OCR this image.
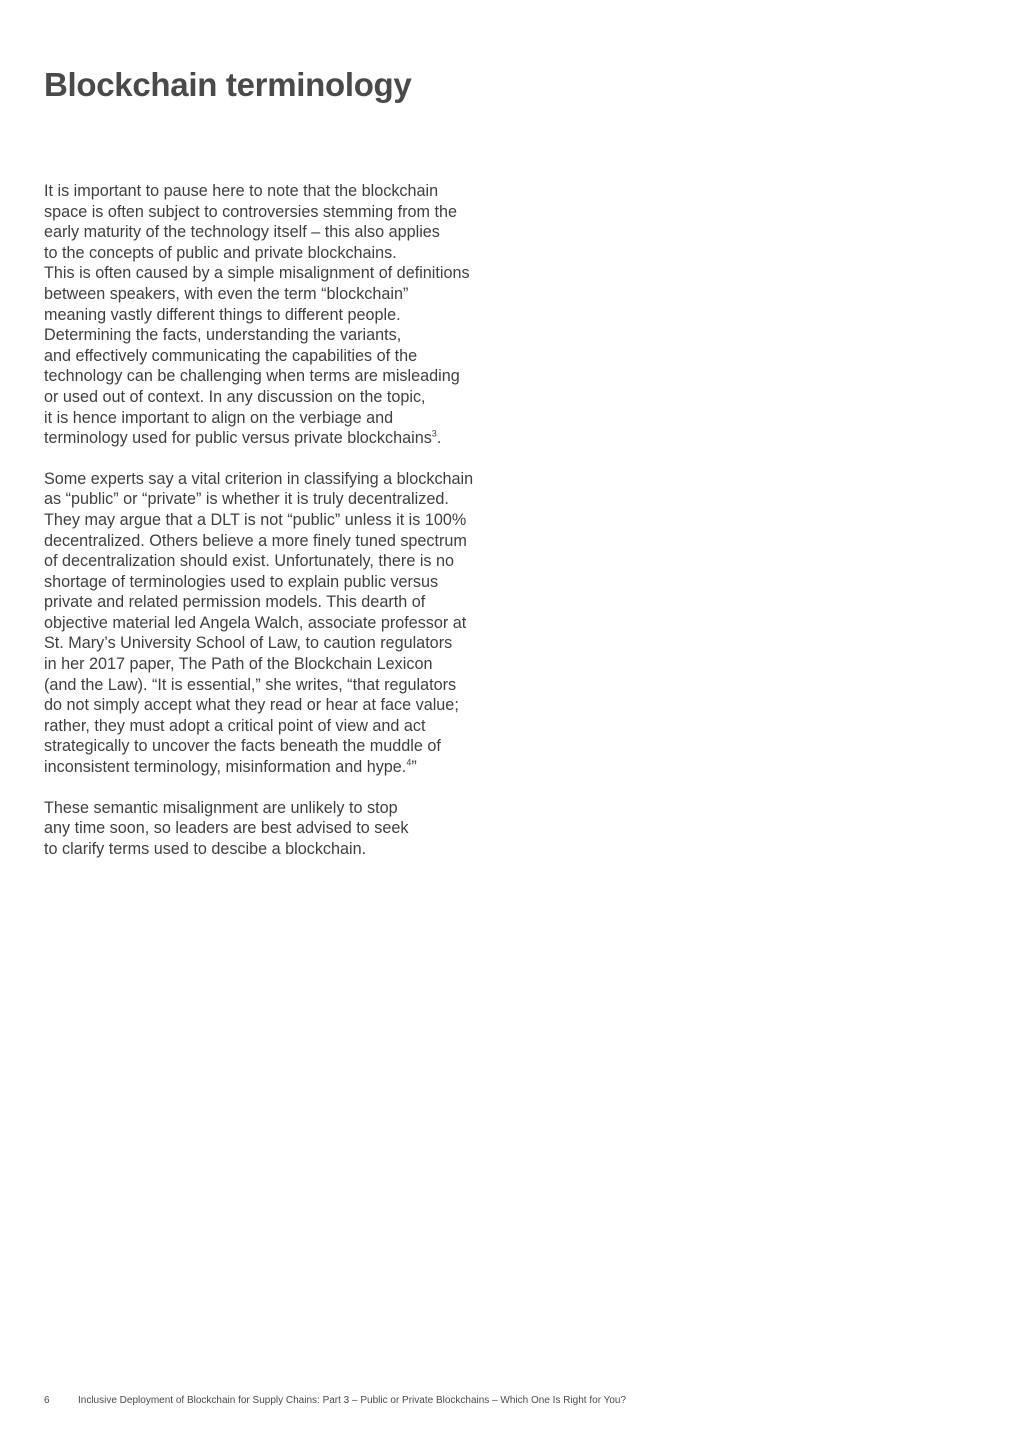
Blockchain terminology

It is important to pause here to note that the blockchain
space is often subject to controversies stemming from the
early maturity of the technology itself – this also applies
to the concepts of public and private blockchains.
This is often caused by a simple misalignment of definitions
between speakers, with even the term “blockchain”
meaning vastly different things to different people.
Determining the facts, understanding the variants,
and effectively communicating the capabilities of the
technology can be challenging when terms are misleading
or used out of context. In any discussion on the topic,
it is hence important to align on the verbiage and
terminology used for public versus private blockchains$^3$.

Some experts say a vital criterion in classifying a blockchain
as “public” or “private” is whether it is truly decentralized.
They may argue that a DLT is not “public” unless it is 100%
decentralized. Others believe a more finely tuned spectrum
of decentralization should exist. Unfortunately, there is no
shortage of terminologies used to explain public versus
private and related permission models. This dearth of
objective material led Angela Walch, associate professor at
St. Mary’s University School of Law, to caution regulators
in her 2017 paper, The Path of the Blockchain Lexicon
(and the Law). “It is essential,” she writes, “that regulators
do not simply accept what they read or hear at face value;
rather, they must adopt a critical point of view and act
strategically to uncover the facts beneath the muddle of
inconsistent terminology, misinformation and hype.$^4$”

These semantic misalignment are unlikely to stop
any time soon, so leaders are best advised to seek
to clarify terms used to descibe a blockchain.

6	Inclusive Deployment of Blockchain for Supply Chains: Part 3 – Public or Private Blockchains – Which One Is Right for You?
